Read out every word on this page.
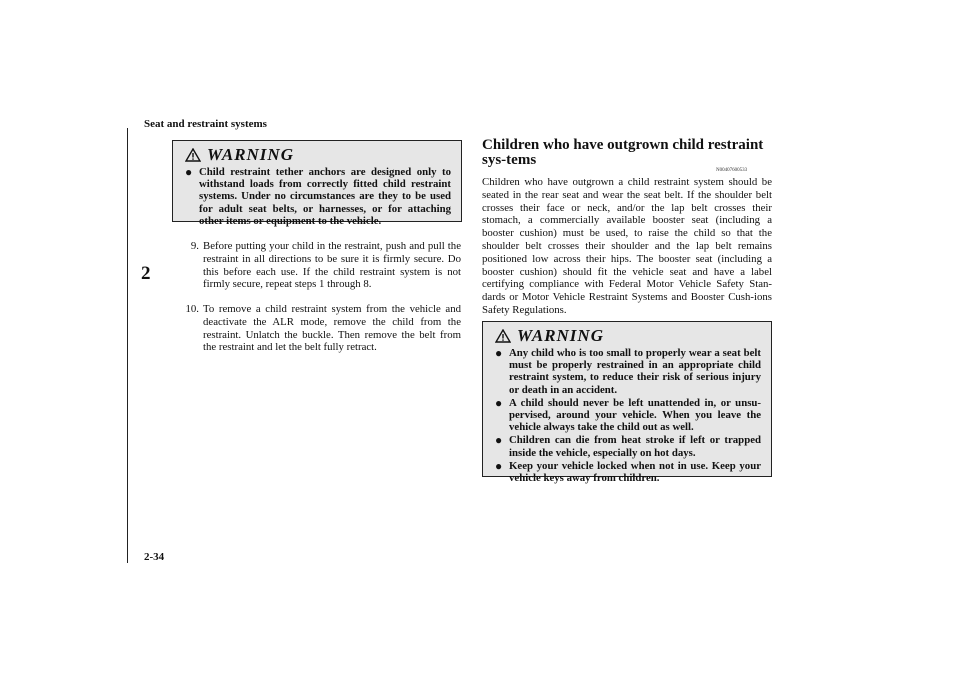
Seat and restraint systems
2
WARNING
● Child restraint tether anchors are designed only to withstand loads from correctly fitted child restraint systems. Under no circumstances are they to be used for adult seat belts, or harnesses, or for attaching other items or equipment to the vehicle.
9. Before putting your child in the restraint, push and pull the restraint in all directions to be sure it is firmly secure. Do this before each use. If the child restraint system is not firmly secure, repeat steps 1 through 8.
10. To remove a child restraint system from the vehicle and deactivate the ALR mode, remove the child from the restraint. Unlatch the buckle. Then remove the belt from the restraint and let the belt fully retract.
Children who have outgrown child restraint sys-tems
N00407600533
Children who have outgrown a child restraint system should be seated in the rear seat and wear the seat belt. If the shoulder belt crosses their face or neck, and/or the lap belt crosses their stomach, a commercially available booster seat (including a booster cushion) must be used, to raise the child so that the shoulder belt crosses their shoulder and the lap belt remains positioned low across their hips. The booster seat (including a booster cushion) should fit the vehicle seat and have a label certifying compliance with Federal Motor Vehicle Safety Stan-dards or Motor Vehicle Restraint Systems and Booster Cush-ions Safety Regulations.
WARNING
● Any child who is too small to properly wear a seat belt must be properly restrained in an appropriate child restraint system, to reduce their risk of serious injury or death in an accident.
● A child should never be left unattended in, or unsu-pervised, around your vehicle. When you leave the vehicle always take the child out as well.
● Children can die from heat stroke if left or trapped inside the vehicle, especially on hot days.
● Keep your vehicle locked when not in use. Keep your vehicle keys away from children.
2-34
